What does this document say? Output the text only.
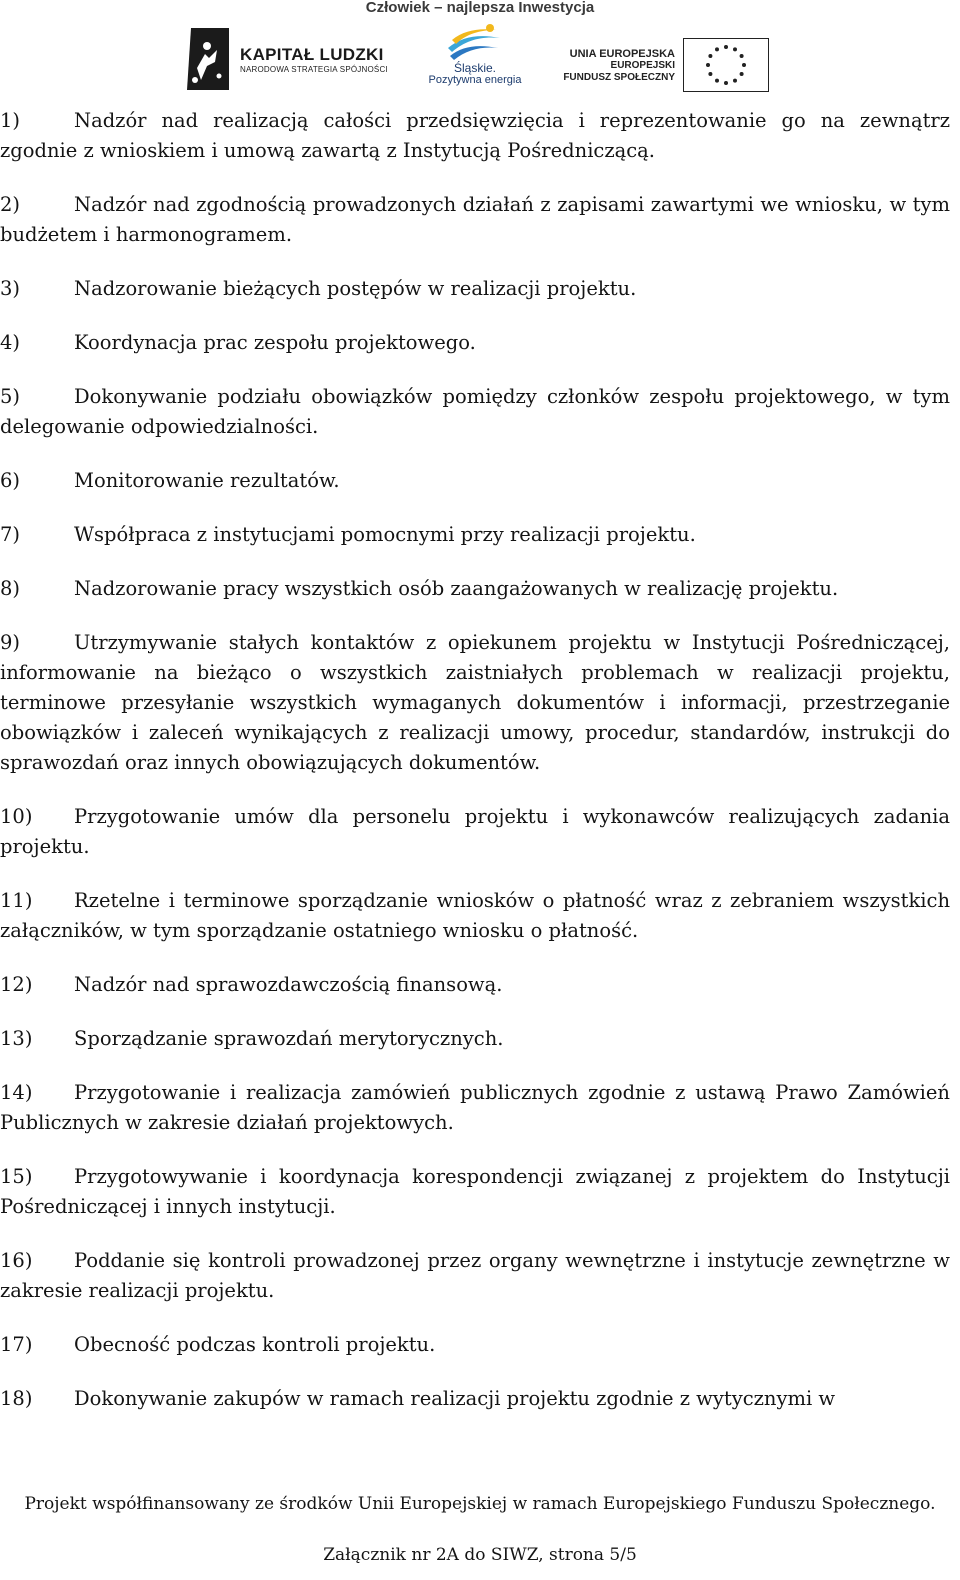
Człowiek – najlepsza Inwestycja
KAPITAŁ LUDZKI
NARODOWA STRATEGIA SPÓJNOŚCI	Śląskie.
Pozytywna energia
UNIA EUROPEJSKA
EUROPEJSKI
FUNDUSZ SPOŁECZNY

1)	Nadzór nad realizacją całości przedsięwzięcia i reprezentowanie go na zewnątrz zgodnie z wnioskiem i umową zawartą z Instytucją Pośredniczącą.

2)	Nadzór nad zgodnością prowadzonych działań z zapisami zawartymi we wniosku, w tym budżetem i harmonogramem.

3)	Nadzorowanie bieżących postępów w realizacji projektu.

4)	Koordynacja prac zespołu projektowego.

5)	Dokonywanie podziału obowiązków pomiędzy członków zespołu projektowego, w tym delegowanie odpowiedzialności.

6)	Monitorowanie rezultatów.

7)	Współpraca z instytucjami pomocnymi przy realizacji projektu.

8)	Nadzorowanie pracy wszystkich osób zaangażowanych w realizację projektu.

9)	Utrzymywanie stałych kontaktów z opiekunem projektu w Instytucji Pośredniczącej, informowanie na bieżąco o wszystkich zaistniałych problemach w realizacji projektu, terminowe przesyłanie wszystkich wymaganych dokumentów i informacji, przestrzeganie obowiązków i zaleceń wynikających z realizacji umowy, procedur, standardów, instrukcji do sprawozdań oraz innych obowiązujących dokumentów.

10) Przygotowanie umów dla personelu projektu i wykonawców realizujących zadania projektu.

11) Rzetelne i terminowe sporządzanie wniosków o płatność wraz z zebraniem wszystkich załączników, w tym sporządzanie ostatniego wniosku o płatność.

12) Nadzór nad sprawozdawczością finansową.

13) Sporządzanie sprawozdań merytorycznych.

14) Przygotowanie i realizacja zamówień publicznych zgodnie z ustawą Prawo Zamówień Publicznych w zakresie działań projektowych.

15) Przygotowywanie i koordynacja korespondencji związanej z projektem do Instytucji Pośredniczącej i innych instytucji.

16) Poddanie się kontroli prowadzonej przez organy wewnętrzne i instytucje zewnętrzne w zakresie realizacji projektu.

17) Obecność podczas kontroli projektu.

18) Dokonywanie zakupów w ramach realizacji projektu zgodnie z wytycznymi w

Projekt współfinansowany ze środków Unii Europejskiej w ramach Europejskiego Funduszu Społecznego.
Załącznik nr 2A do SIWZ, strona 5/5
